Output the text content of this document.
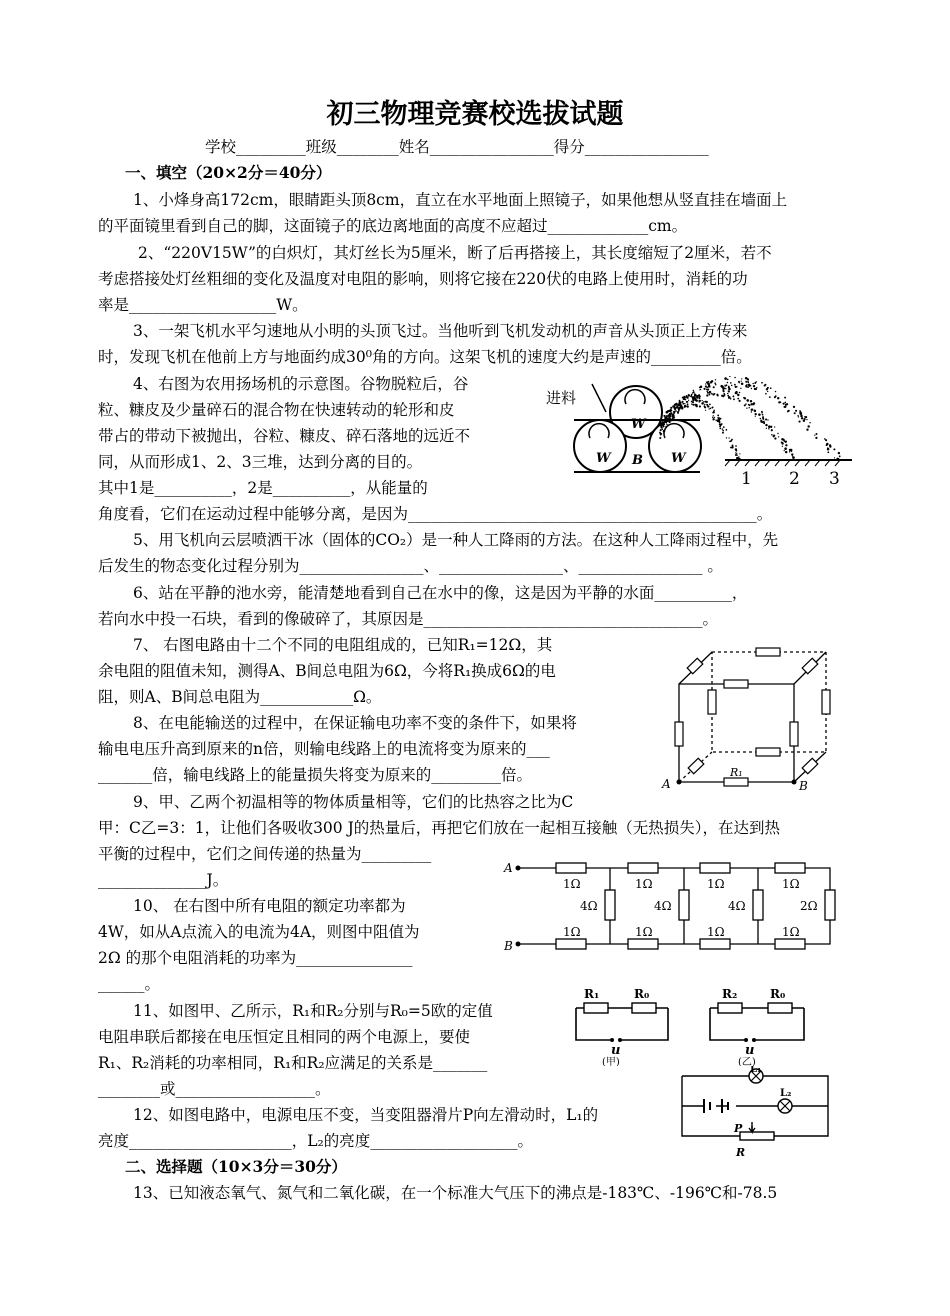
初三物理竞赛校选拔试题
学校_________班级________姓名________________得分________________
一、填空（20×2分＝40分）
1、小烽身高172cm，眼睛距头顶8cm，直立在水平地面上照镜子，如果他想从竖直挂在墙面上
的平面镜里看到自己的脚，这面镜子的底边离地面的高度不应超过_____________cm。
2、“220V15W”的白炽灯，其灯丝长为5厘米，断了后再搭接上，其长度缩短了2厘米，若不
考虑搭接处灯丝粗细的变化及温度对电阻的影响，则将它接在220伏的电路上使用时，消耗的功
率是___________________W。
3、一架飞机水平匀速地从小明的头顶飞过。当他听到飞机发动机的声音从头顶正上方传来
时，发现飞机在他前上方与地面约成30⁰角的方向。这架飞机的速度大约是声速的_________倍。
4、右图为农用扬场机的示意图。谷物脱粒后，谷
粒、糠皮及少量碎石的混合物在快速转动的轮形和皮
带占的带动下被抛出，谷粒、糠皮、碎石落地的远近不
同，从而形成1、2、3三堆，达到分离的目的。
其中1是__________，2是__________，从能量的
角度看，它们在运动过程中能够分离，是因为_____________________________________________。
5、用飞机向云层喷洒干冰（固体的CO₂）是一种人工降雨的方法。在这种人工降雨过程中，先
后发生的物态变化过程分别为________________、________________、________________ 。
6、站在平静的池水旁，能清楚地看到自己在水中的像，这是因为平静的水面__________，
若向水中投一石块，看到的像破碎了，其原因是____________________________________。
7、 右图电路由十二个不同的电阻组成的，已知R₁=12Ω，其
余电阻的阻值未知，测得A、B间总电阻为6Ω，今将R₁换成6Ω的电
阻，则A、B间总电阻为____________Ω。
8、在电能输送的过程中，在保证输电功率不变的条件下，如果将
输电电压升高到原来的n倍，则输电线路上的电流将变为原来的___
_______倍，输电线路上的能量损失将变为原来的_________倍。
9、甲、乙两个初温相等的物体质量相等，它们的比热容之比为C
甲：C乙=3：1，让他们各吸收300 J的热量后，再把它们放在一起相互接触（无热损失），在达到热
平衡的过程中，它们之间传递的热量为_________
______________J。
10、 在右图中所有电阻的额定功率都为
4W，如从A点流入的电流为4A，则图中阻值为
2Ω 的那个电阻消耗的功率为_______________
______。
11、如图甲、乙所示，R₁和R₂分别与R₀=5欧的定值
电阻串联后都接在电压恒定且相同的两个电源上，要使
R₁、R₂消耗的功率相同，R₁和R₂应满足的关系是_______
________或__________________。
12、如图电路中，电源电压不变，当变阻器滑片P向左滑动时，L₁的
亮度_____________________，L₂的亮度___________________。
二、选择题（10×3分＝30分）
13、已知液态氧气、氮气和二氧化碳，在一个标准大气压下的沸点是-183℃、-196℃和-78.5
进料
W
W
W
B
1 2 3
A	B
R₁
A
B
1Ω	1Ω	1Ω	1Ω
1Ω	1Ω	1Ω	1Ω
4Ω	4Ω	4Ω	2Ω
R₁	R₀	R₂	R₀
u	u
(甲)	(乙)
L₁
L₂
P
R
